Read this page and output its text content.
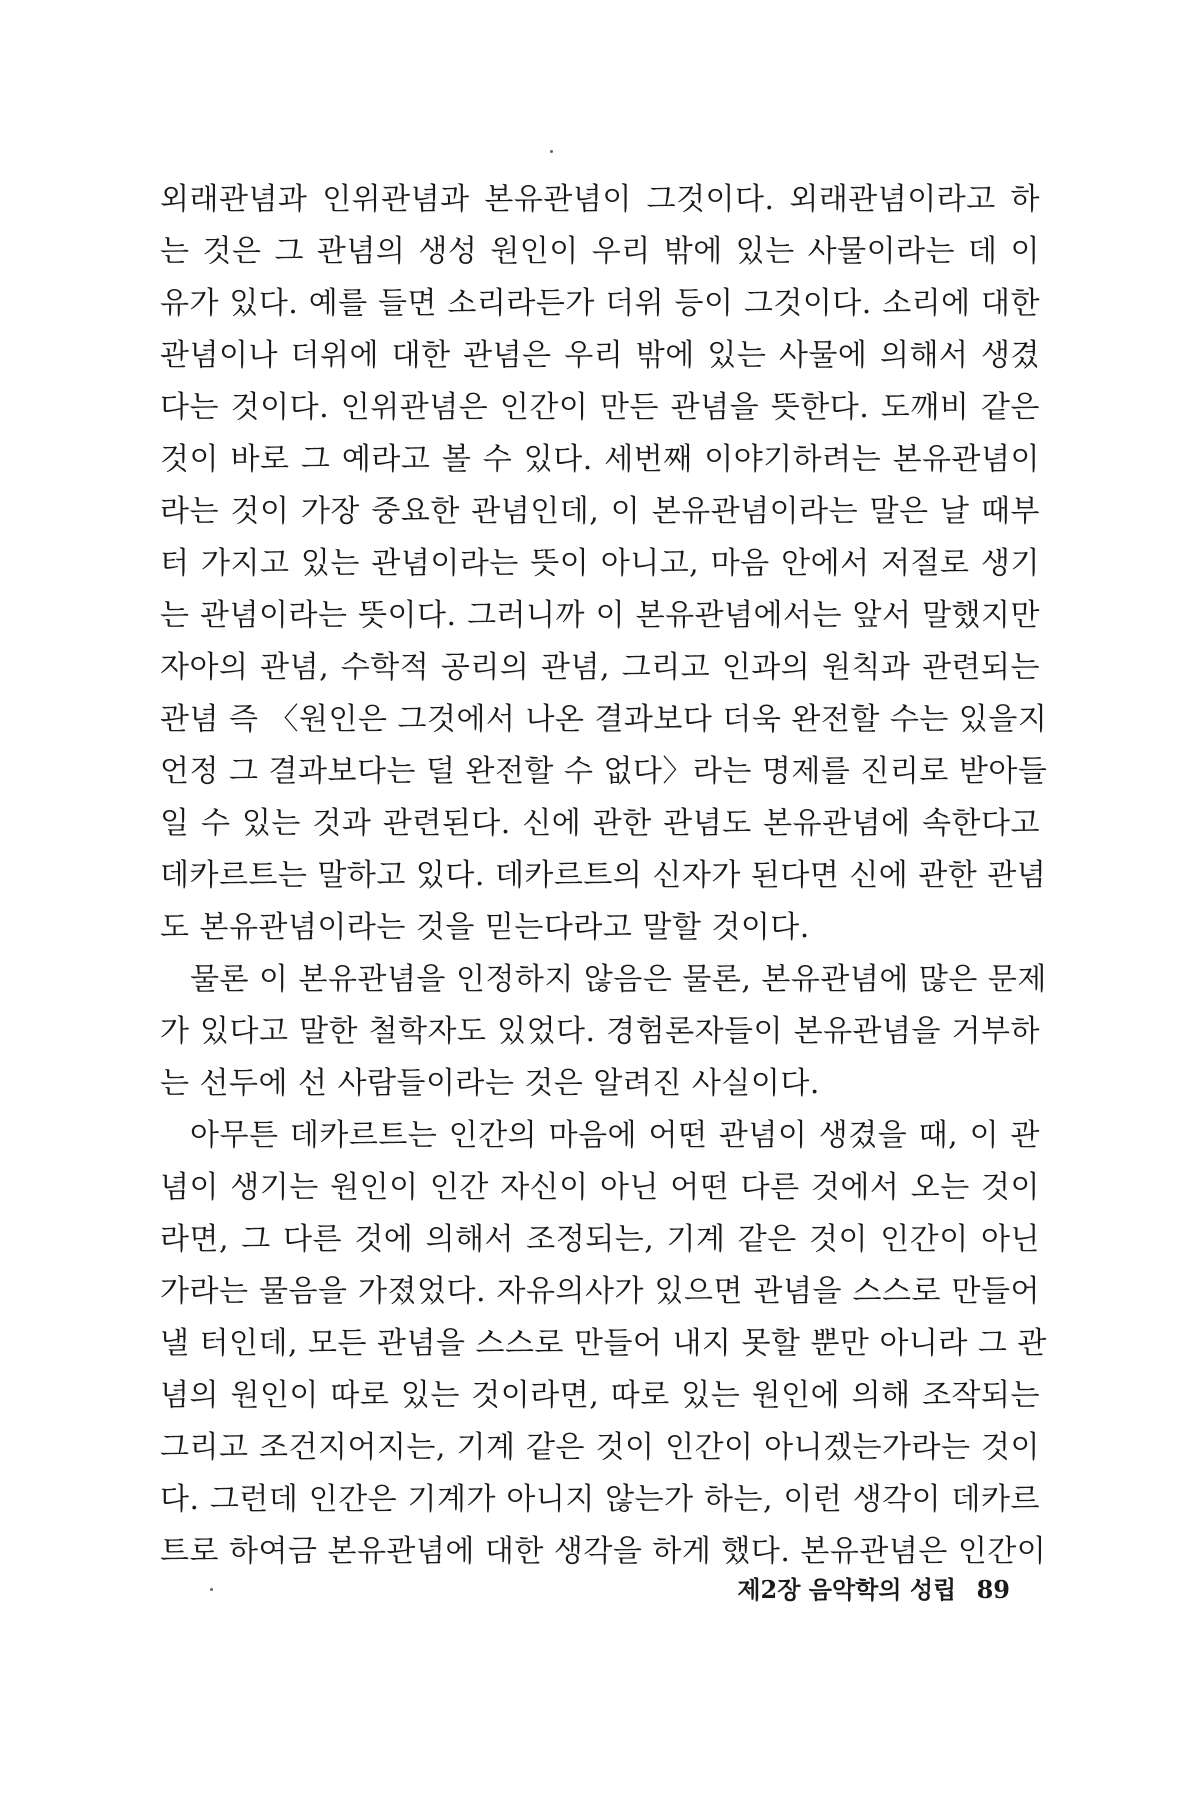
외래관념과 인위관념과 본유관념이 그것이다. 외래관념이라고 하
는 것은 그 관념의 생성 원인이 우리 밖에 있는 사물이라는 데 이
유가 있다. 예를 들면 소리라든가 더위 등이 그것이다. 소리에 대한
관념이나 더위에 대한 관념은 우리 밖에 있는 사물에 의해서 생겼
다는 것이다. 인위관념은 인간이 만든 관념을 뜻한다. 도깨비 같은
것이 바로 그 예라고 볼 수 있다. 세번째 이야기하려는 본유관념이
라는 것이 가장 중요한 관념인데, 이 본유관념이라는 말은 날 때부
터 가지고 있는 관념이라는 뜻이 아니고, 마음 안에서 저절로 생기
는 관념이라는 뜻이다. 그러니까 이 본유관념에서는 앞서 말했지만
자아의 관념, 수학적 공리의 관념, 그리고 인과의 원칙과 관련되는
관념 즉 〈원인은 그것에서 나온 결과보다 더욱 완전할 수는 있을지
언정 그 결과보다는 덜 완전할 수 없다〉라는 명제를 진리로 받아들
일 수 있는 것과 관련된다. 신에 관한 관념도 본유관념에 속한다고
데카르트는 말하고 있다. 데카르트의 신자가 된다면 신에 관한 관념
도 본유관념이라는 것을 믿는다라고 말할 것이다.
물론 이 본유관념을 인정하지 않음은 물론, 본유관념에 많은 문제
가 있다고 말한 철학자도 있었다. 경험론자들이 본유관념을 거부하
는 선두에 선 사람들이라는 것은 알려진 사실이다.
아무튼 데카르트는 인간의 마음에 어떤 관념이 생겼을 때, 이 관
념이 생기는 원인이 인간 자신이 아닌 어떤 다른 것에서 오는 것이
라면, 그 다른 것에 의해서 조정되는, 기계 같은 것이 인간이 아닌
가라는 물음을 가졌었다. 자유의사가 있으면 관념을 스스로 만들어
낼 터인데, 모든 관념을 스스로 만들어 내지 못할 뿐만 아니라 그 관
념의 원인이 따로 있는 것이라면, 따로 있는 원인에 의해 조작되는
그리고 조건지어지는, 기계 같은 것이 인간이 아니겠는가라는 것이
다. 그런데 인간은 기계가 아니지 않는가 하는, 이런 생각이 데카르
트로 하여금 본유관념에 대한 생각을 하게 했다. 본유관념은 인간이
제2장 음악학의 성립 89
